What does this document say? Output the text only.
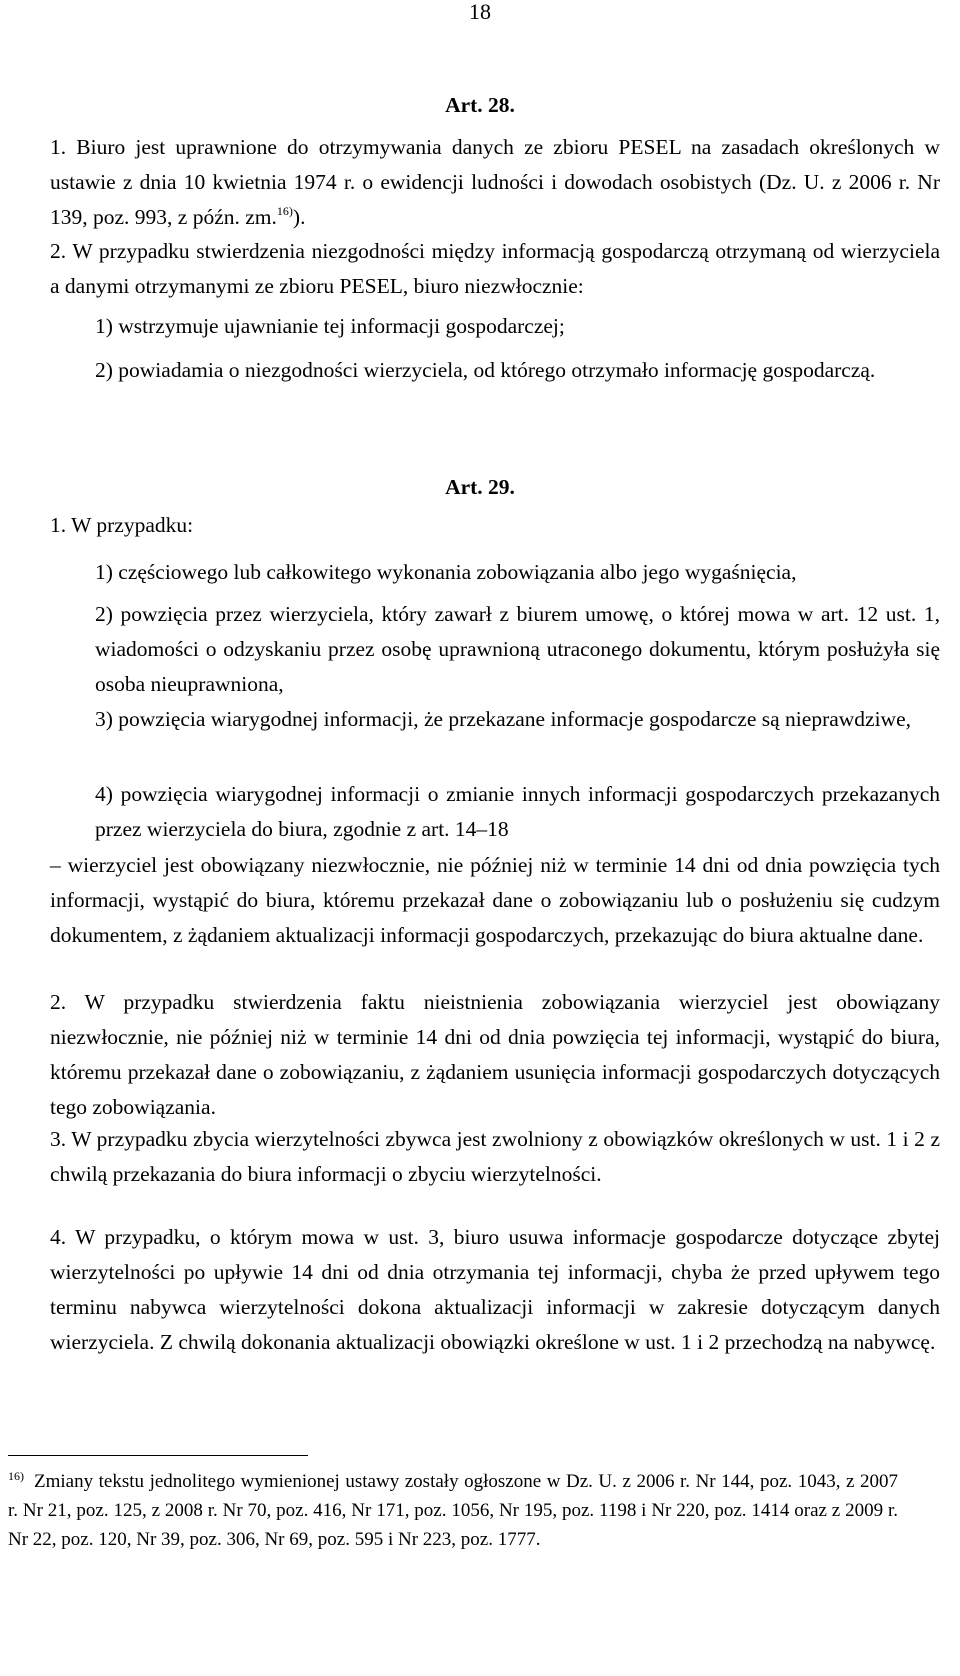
18
Art. 28.

1. Biuro jest uprawnione do otrzymywania danych ze zbioru PESEL na zasadach określonych w ustawie z dnia 10 kwietnia 1974 r. o ewidencji ludności i dowodach osobistych (Dz. U. z 2006 r. Nr 139, poz. 993, z późn. zm.$^{16)}$).

2. W przypadku stwierdzenia niezgodności między informacją gospodarczą otrzymaną od wierzyciela a danymi otrzymanymi ze zbioru PESEL, biuro niezwłocznie:

1) wstrzymuje ujawnianie tej informacji gospodarczej;

2) powiadamia o niezgodności wierzyciela, od którego otrzymało informację gospodarczą.

Art. 29.

1. W przypadku:

1) częściowego lub całkowitego wykonania zobowiązania albo jego wygaśnięcia,

2) powzięcia przez wierzyciela, który zawarł z biurem umowę, o której mowa w art. 12 ust. 1, wiadomości o odzyskaniu przez osobę uprawnioną utraconego dokumentu, którym posłużyła się osoba nieuprawniona,

3) powzięcia wiarygodnej informacji, że przekazane informacje gospodarcze są nieprawdziwe,

4) powzięcia wiarygodnej informacji o zmianie innych informacji gospodarczych przekazanych przez wierzyciela do biura, zgodnie z art. 14–18

– wierzyciel jest obowiązany niezwłocznie, nie później niż w terminie 14 dni od dnia powzięcia tych informacji, wystąpić do biura, któremu przekazał dane o zobowiązaniu lub o posłużeniu się cudzym dokumentem, z żądaniem aktualizacji informacji gospodarczych, przekazując do biura aktualne dane.

2. W przypadku stwierdzenia faktu nieistnienia zobowiązania wierzyciel jest obowiązany niezwłocznie, nie później niż w terminie 14 dni od dnia powzięcia tej informacji, wystąpić do biura, któremu przekazał dane o zobowiązaniu, z żądaniem usunięcia informacji gospodarczych dotyczących tego zobowiązania.

3. W przypadku zbycia wierzytelności zbywca jest zwolniony z obowiązków określonych w ust. 1 i 2 z chwilą przekazania do biura informacji o zbyciu wierzytelności.

4. W przypadku, o którym mowa w ust. 3, biuro usuwa informacje gospodarcze dotyczące zbytej wierzytelności po upływie 14 dni od dnia otrzymania tej informacji, chyba że przed upływem tego terminu nabywca wierzytelności dokona aktualizacji informacji w zakresie dotyczącym danych wierzyciela. Z chwilą dokonania aktualizacji obowiązki określone w ust. 1 i 2 przechodzą na nabywcę.

$^{16)}$ Zmiany tekstu jednolitego wymienionej ustawy zostały ogłoszone w Dz. U. z 2006 r. Nr 144, poz. 1043, z 2007 r. Nr 21, poz. 125, z 2008 r. Nr 70, poz. 416, Nr 171, poz. 1056, Nr 195, poz. 1198 i Nr 220, poz. 1414 oraz z 2009 r. Nr 22, poz. 120, Nr 39, poz. 306, Nr 69, poz. 595 i Nr 223, poz. 1777.
